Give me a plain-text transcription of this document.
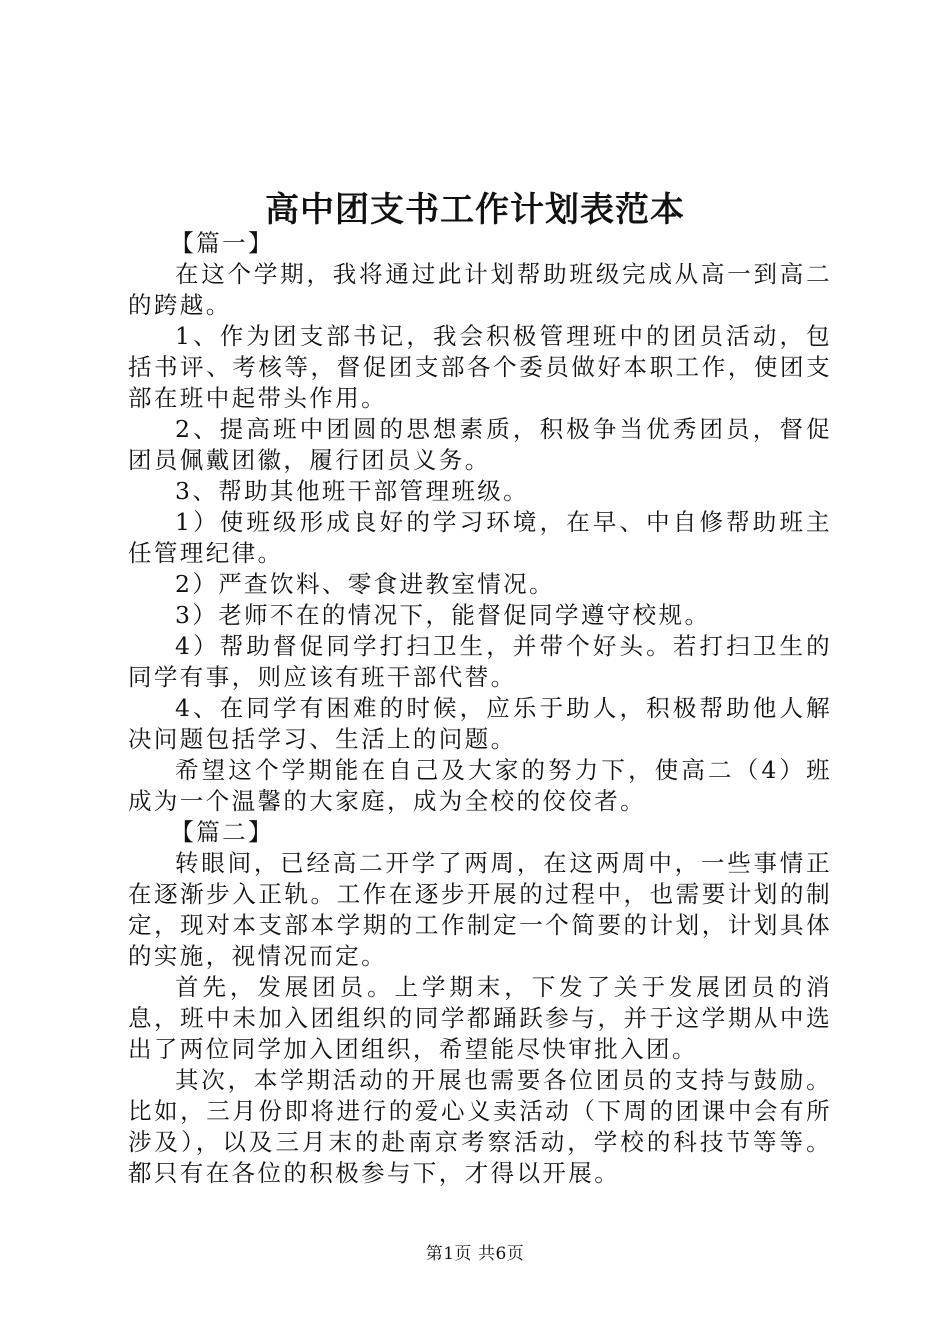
高中团支书工作计划表范本

【篇一】

在这个学期，我将通过此计划帮助班级完成从高一到高二的跨越。

1、作为团支部书记，我会积极管理班中的团员活动，包括书评、考核等，督促团支部各个委员做好本职工作，使团支部在班中起带头作用。

2、提高班中团圆的思想素质，积极争当优秀团员，督促团员佩戴团徽，履行团员义务。

3、帮助其他班干部管理班级。

1）使班级形成良好的学习环境，在早、中自修帮助班主任管理纪律。

2）严查饮料、零食进教室情况。

3）老师不在的情况下，能督促同学遵守校规。

4）帮助督促同学打扫卫生，并带个好头。若打扫卫生的同学有事，则应该有班干部代替。

4、在同学有困难的时候，应乐于助人，积极帮助他人解决问题包括学习、生活上的问题。

希望这个学期能在自己及大家的努力下，使高二（4）班成为一个温馨的大家庭，成为全校的佼佼者。

【篇二】

转眼间，已经高二开学了两周，在这两周中，一些事情正在逐渐步入正轨。工作在逐步开展的过程中，也需要计划的制定，现对本支部本学期的工作制定一个简要的计划，计划具体的实施，视情况而定。

首先，发展团员。上学期末，下发了关于发展团员的消息，班中未加入团组织的同学都踊跃参与，并于这学期从中选出了两位同学加入团组织，希望能尽快审批入团。

其次，本学期活动的开展也需要各位团员的支持与鼓励。比如，三月份即将进行的爱心义卖活动（下周的团课中会有所涉及），以及三月末的赴南京考察活动，学校的科技节等等。都只有在各位的积极参与下，才得以开展。

第1页 共6页
